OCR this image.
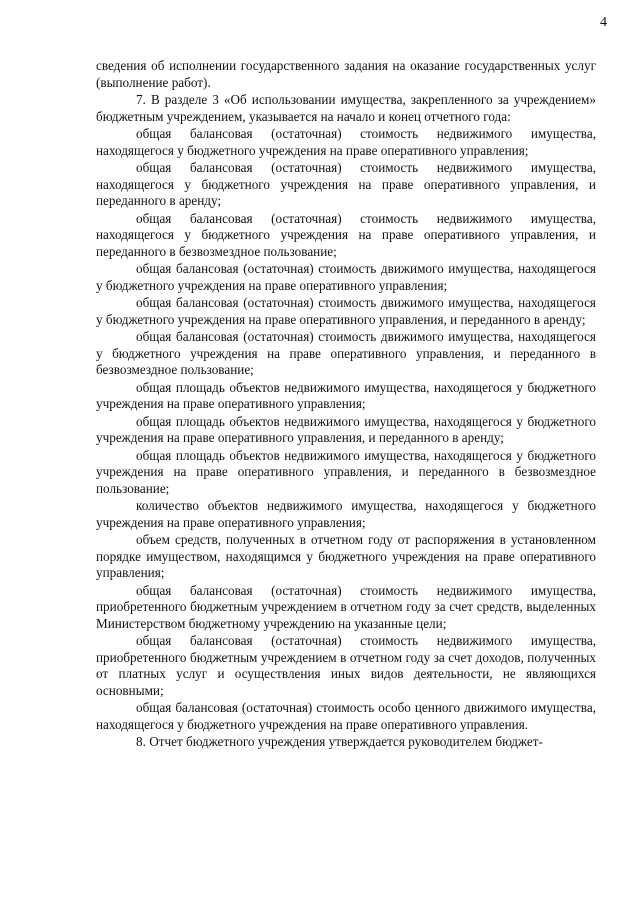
4

сведения об исполнении государственного задания на оказание государственных услуг (выполнение работ).

7. В разделе 3 «Об использовании имущества, закрепленного за учреждением» бюджетным учреждением, указывается на начало и конец отчетного года:

общая балансовая (остаточная) стоимость недвижимого имущества, находящегося у бюджетного учреждения на праве оперативного управления;

общая балансовая (остаточная) стоимость недвижимого имущества, находящегося у бюджетного учреждения на праве оперативного управления, и переданного в аренду;

общая балансовая (остаточная) стоимость недвижимого имущества, находящегося у бюджетного учреждения на праве оперативного управления, и переданного в безвозмездное пользование;

общая балансовая (остаточная) стоимость движимого имущества, находящегося у бюджетного учреждения на праве оперативного управления;

общая балансовая (остаточная) стоимость движимого имущества, находящегося у бюджетного учреждения на праве оперативного управления, и переданного в аренду;

общая балансовая (остаточная) стоимость движимого имущества, находящегося у бюджетного учреждения на праве оперативного управления, и переданного в безвозмездное пользование;

общая площадь объектов недвижимого имущества, находящегося у бюджетного учреждения на праве оперативного управления;

общая площадь объектов недвижимого имущества, находящегося у бюджетного учреждения на праве оперативного управления, и переданного в аренду;

общая площадь объектов недвижимого имущества, находящегося у бюджетного учреждения на праве оперативного управления, и переданного в безвозмездное пользование;

количество объектов недвижимого имущества, находящегося у бюджетного учреждения на праве оперативного управления;

объем средств, полученных в отчетном году от распоряжения в установленном порядке имуществом, находящимся у бюджетного учреждения на праве оперативного управления;

общая балансовая (остаточная) стоимость недвижимого имущества, приобретенного бюджетным учреждением в отчетном году за счет средств, выделенных Министерством бюджетному учреждению на указанные цели;

общая балансовая (остаточная) стоимость недвижимого имущества, приобретенного бюджетным учреждением в отчетном году за счет доходов, полученных от платных услуг и осуществления иных видов деятельности, не являющихся основными;

общая балансовая (остаточная) стоимость особо ценного движимого имущества, находящегося у бюджетного учреждения на праве оперативного управления.

8. Отчет бюджетного учреждения утверждается руководителем бюджет-
